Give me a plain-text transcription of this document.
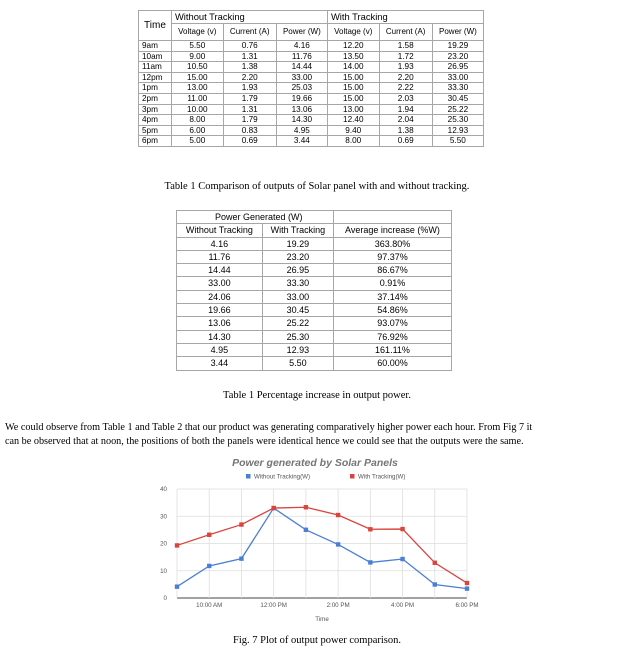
Time	Without Tracking			With Tracking		
	Voltage (v)	Current (A)	Power (W)	Voltage (v)	Current (A)	Power (W)
9am	5.50	0.76	4.16	12.20	1.58	19.29
10am	9.00	1.31	11.76	13.50	1.72	23.20
11am	10.50	1.38	14.44	14.00	1.93	26.95
12pm	15.00	2.20	33.00	15.00	2.20	33.00
1pm	13.00	1.93	25.03	15.00	2.22	33.30
2pm	11.00	1.79	19.66	15.00	2.03	30.45
3pm	10.00	1.31	13.06	13.00	1.94	25.22
4pm	8.00	1.79	14.30	12.40	2.04	25.30
5pm	6.00	0.83	4.95	9.40	1.38	12.93
6pm	5.00	0.69	3.44	8.00	0.69	5.50
Table 1 Comparison of outputs of Solar panel with and without tracking.
Power Generated (W)		
Without Tracking	With Tracking	Average increase (%W)
4.16	19.29	363.80%
11.76	23.20	97.37%
14.44	26.95	86.67%
33.00	33.30	0.91%
24.06	33.00	37.14%
19.66	30.45	54.86%
13.06	25.22	93.07%
14.30	25.30	76.92%
4.95	12.93	161.11%
3.44	5.50	60.00%
Table 1 Percentage increase in output power.

We could observe from Table 1 and Table 2 that our product was generating comparatively higher power each hour. From Fig 7 it

can be observed that at noon, the positions of both the panels were identical hence we could see that the outputs were the same.

Power generated by Solar Panels
Without Tracking(W)	With Tracking(W)
0
10
20
30
40
10:00 AM	12:00 PM	2:00 PM	4:00 PM	6:00 PM
Time
Fig. 7 Plot of output power comparison.
